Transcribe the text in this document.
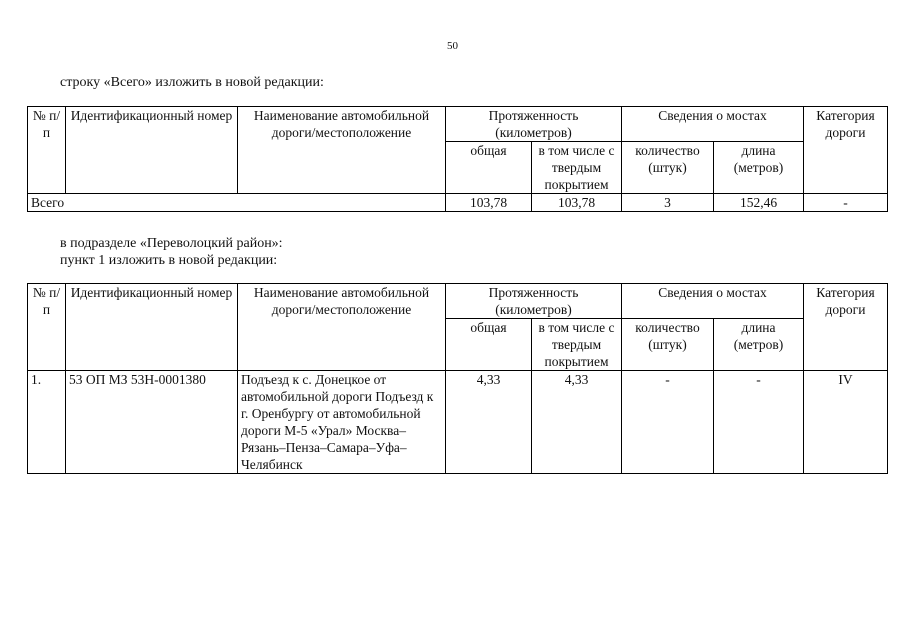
50
строку «Всего» изложить в новой редакции:
№ п/п	Идентификационный номер	Наименование автомобильной дороги/местоположение	Протяженность (километров)		Сведения о мостах		Категория дороги
			общая	в том числе с твердым покрытием	количество (штук)	длина (метров)	
Всего			103,78	103,78	3	152,46	-
в подразделе «Переволоцкий район»:
пункт 1 изложить в новой редакции:
№ п/п	Идентификационный номер	Наименование автомобильной дороги/местоположение	Протяженность (километров)		Сведения о мостах		Категория дороги
			общая	в том числе с твердым покрытием	количество (штук)	длина (метров)	
1.	53 ОП МЗ 53Н-0001380	Подъезд к с. Донецкое от автомобильной дороги Подъезд к г. Оренбургу от автомобильной дороги М-5 «Урал» Москва–Рязань–Пенза–Самара–Уфа–Челябинск	4,33	4,33	-	-	IV
